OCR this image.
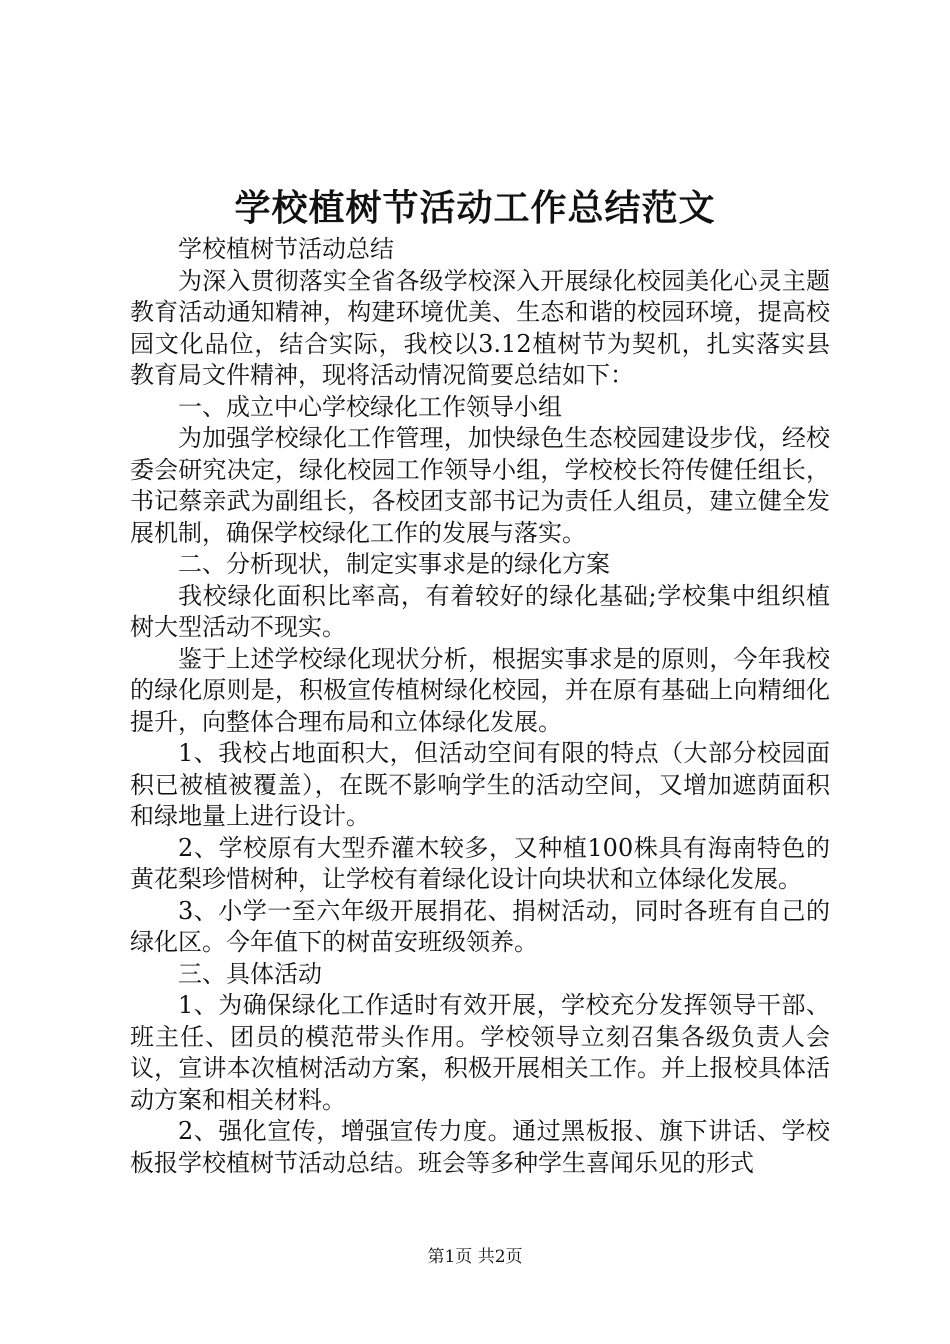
学校植树节活动工作总结范文

学校植树节活动总结

为深入贯彻落实全省各级学校深入开展绿化校园美化心灵主题教育活动通知精神，构建环境优美、生态和谐的校园环境，提高校园文化品位，结合实际，我校以3.12植树节为契机，扎实落实县教育局文件精神，现将活动情况简要总结如下：

一、成立中心学校绿化工作领导小组

为加强学校绿化工作管理，加快绿色生态校园建设步伐，经校委会研究决定，绿化校园工作领导小组，学校校长符传健任组长，书记蔡亲武为副组长，各校团支部书记为责任人组员，建立健全发展机制，确保学校绿化工作的发展与落实。

二、分析现状，制定实事求是的绿化方案

我校绿化面积比率高，有着较好的绿化基础;学校集中组织植树大型活动不现实。

鉴于上述学校绿化现状分析，根据实事求是的原则，今年我校的绿化原则是，积极宣传植树绿化校园，并在原有基础上向精细化提升，向整体合理布局和立体绿化发展。

1、我校占地面积大，但活动空间有限的特点（大部分校园面积已被植被覆盖），在既不影响学生的活动空间，又增加遮荫面积和绿地量上进行设计。

2、学校原有大型乔灌木较多，又种植100株具有海南特色的黄花梨珍惜树种，让学校有着绿化设计向块状和立体绿化发展。

3、小学一至六年级开展捐花、捐树活动，同时各班有自己的绿化区。今年值下的树苗安班级领养。

三、具体活动

1、为确保绿化工作适时有效开展，学校充分发挥领导干部、班主任、团员的模范带头作用。学校领导立刻召集各级负责人会议，宣讲本次植树活动方案，积极开展相关工作。并上报校具体活动方案和相关材料。

2、强化宣传，增强宣传力度。通过黑板报、旗下讲话、学校板报学校植树节活动总结。班会等多种学生喜闻乐见的形式

第1页 共2页
